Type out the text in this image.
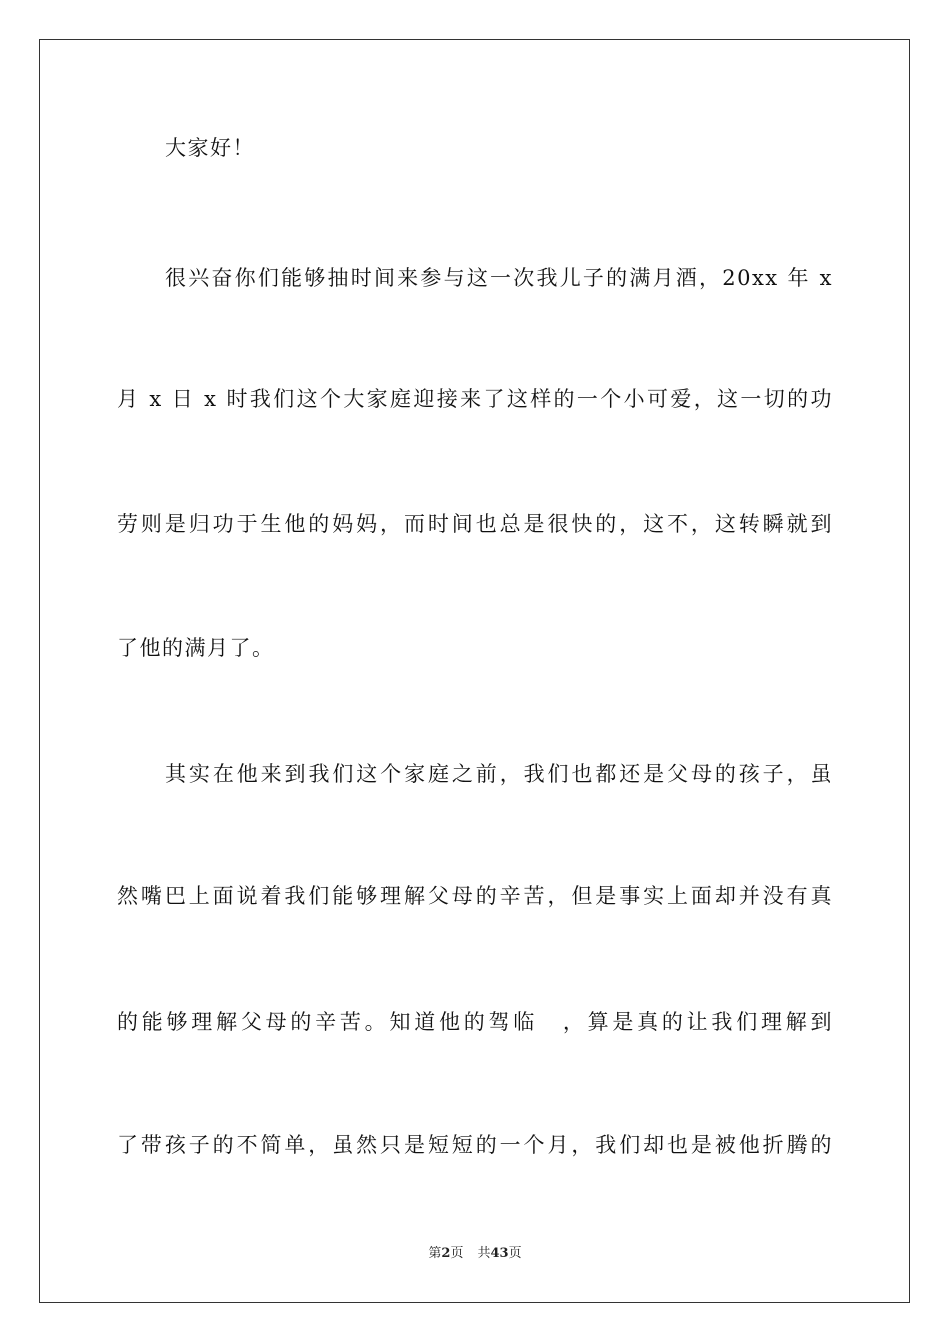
大家好！
很兴奋你们能够抽时间来参与这一次我儿子的满月酒，20xx 年 x
月 x 日 x 时我们这个大家庭迎接来了这样的一个小可爱，这一切的功
劳则是归功于生他的妈妈，而时间也总是很快的，这不，这转瞬就到
了他的满月了。
其实在他来到我们这个家庭之前，我们也都还是父母的孩子，虽
然嘴巴上面说着我们能够理解父母的辛苦，但是事实上面却并没有真
的能够理解父母的辛苦。知道他的驾临　，算是真的让我们理解到
了带孩子的不简单，虽然只是短短的一个月，我们却也是被他折腾的
第2页 共43页
